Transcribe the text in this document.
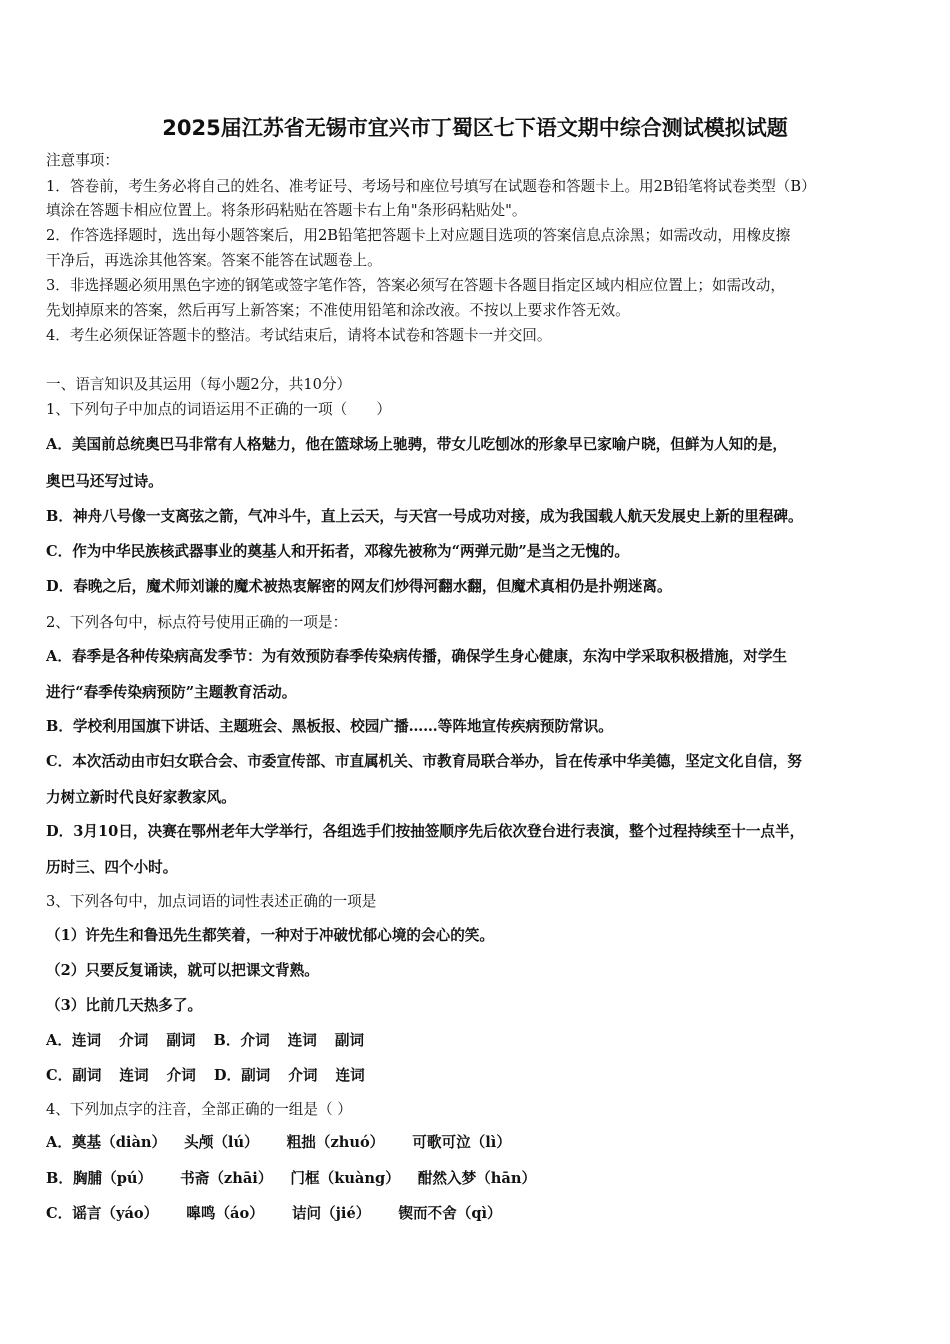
2025届江苏省无锡市宜兴市丁蜀区七下语文期中综合测试模拟试题
注意事项：
1．答卷前，考生务必将自己的姓名、准考证号、考场号和座位号填写在试题卷和答题卡上。用2B铅笔将试卷类型（B）
填涂在答题卡相应位置上。将条形码粘贴在答题卡右上角"条形码粘贴处"。
2．作答选择题时，选出每小题答案后，用2B铅笔把答题卡上对应题目选项的答案信息点涂黑；如需改动，用橡皮擦
干净后，再选涂其他答案。答案不能答在试题卷上。
3．非选择题必须用黑色字迹的钢笔或签字笔作答，答案必须写在答题卡各题目指定区域内相应位置上；如需改动，
先划掉原来的答案，然后再写上新答案；不准使用铅笔和涂改液。不按以上要求作答无效。
4．考生必须保证答题卡的整洁。考试结束后，请将本试卷和答题卡一并交回。
一、语言知识及其运用（每小题2分，共10分）
1、下列句子中加点的词语运用不正确的一项（　　）
A．美国前总统奥巴马非常有人格魅力，他在篮球场上驰骋，带女儿吃刨冰的形象早已家喻户晓，但鲜为人知的是，
奥巴马还写过诗。
B．神舟八号像一支离弦之箭，气冲斗牛，直上云天，与天宫一号成功对接，成为我国载人航天发展史上新的里程碑。
C．作为中华民族核武器事业的奠基人和开拓者，邓稼先被称为“两弹元勋”是当之无愧的。
D．春晚之后，魔术师刘谦的魔术被热衷解密的网友们炒得河翻水翻，但魔术真相仍是扑朔迷离。
2、下列各句中，标点符号使用正确的一项是：
A．春季是各种传染病高发季节：为有效预防春季传染病传播，确保学生身心健康，东沟中学采取积极措施，对学生
进行“春季传染病预防”主题教育活动。
B．学校利用国旗下讲话、主题班会、黑板报、校园广播……等阵地宣传疾病预防常识。
C．本次活动由市妇女联合会、市委宣传部、市直属机关、市教育局联合举办，旨在传承中华美德，坚定文化自信，努
力树立新时代良好家教家风。
D．3月10日，决赛在鄂州老年大学举行，各组选手们按抽签顺序先后依次登台进行表演，整个过程持续至十一点半，
历时三、四个小时。
3、下列各句中，加点词语的词性表述正确的一项是
（1）许先生和鲁迅先生都笑着，一种对于冲破忧郁心境的会心的笑。
（2）只要反复诵读，就可以把课文背熟。
（3）比前几天热多了。
A．连词 介词 副词 B．介词 连词 副词
C．副词 连词 介词 D．副词 介词 连词
4、下列加点字的注音，全部正确的一组是（ ）
A．奠基（diàn） 头颅（lú） 粗拙（zhuó） 可歌可泣（lì）
B．胸脯（pú） 书斋（zhāi） 门框（kuàng） 酣然入梦（hān）
C．谣言（yáo） 嗥鸣（áo） 诘问（jié） 锲而不舍（qì）
